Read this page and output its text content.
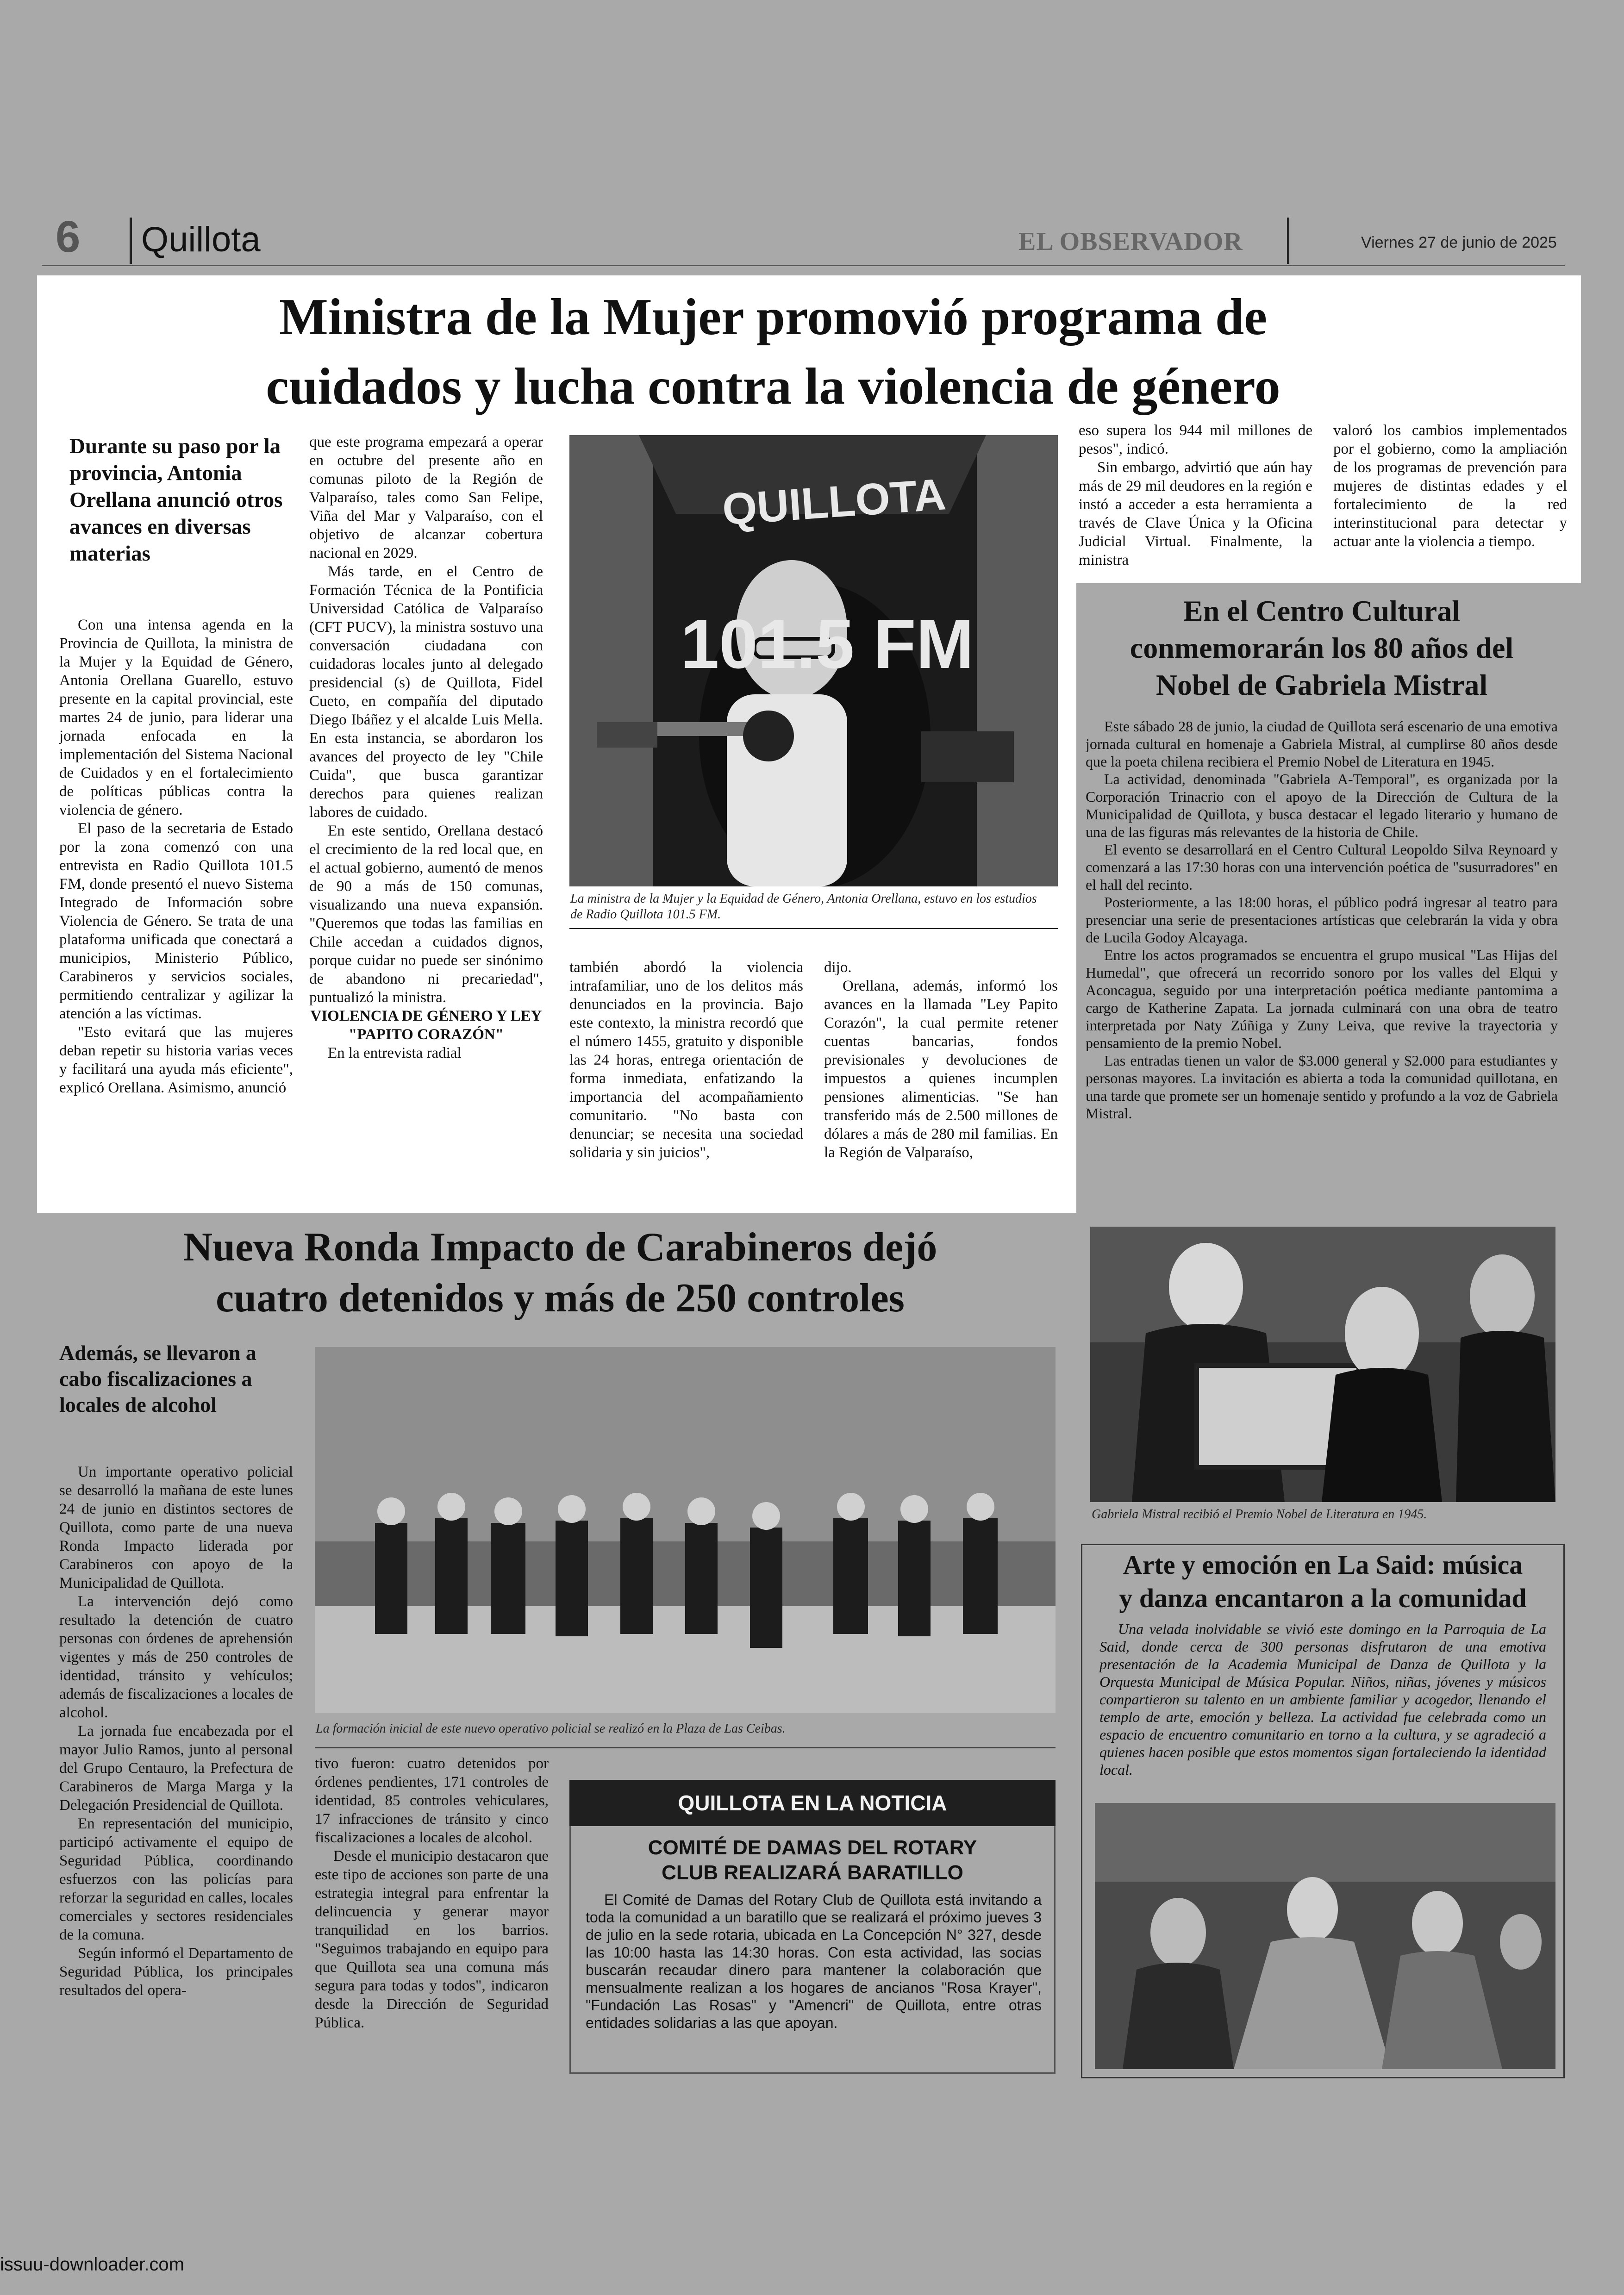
6 Quillota	EL OBSERVADOR	Viernes 27 de junio de 2025
Ministra de la Mujer promovió programa de
cuidados y lucha contra la violencia de género
Durante su paso por la provincia, Antonia Orellana anunció otros avances en diversas materias

Con una intensa agenda en la Provincia de Quillota, la ministra de la Mujer y la Equidad de Género, Antonia Orellana Guarello, estuvo presente en la capital provincial, este martes 24 de junio, para liderar una jornada enfocada en la implementación del Sistema Nacional de Cuidados y en el fortalecimiento de políticas públicas contra la violencia de género.

El paso de la secretaria de Estado por la zona comenzó con una entrevista en Radio Quillota 101.5 FM, donde presentó el nuevo Sistema Integrado de Información sobre Violencia de Género. Se trata de una plataforma unificada que conectará a municipios, Ministerio Público, Carabineros y servicios sociales, permitiendo centralizar y agilizar la atención a las víctimas.

"Esto evitará que las mujeres deban repetir su historia varias veces y facilitará una ayuda más eficiente", explicó Orellana. Asimismo, anunció

que este programa empezará a operar en octubre del presente año en comunas piloto de la Región de Valparaíso, tales como San Felipe, Viña del Mar y Valparaíso, con el objetivo de alcanzar cobertura nacional en 2029.

Más tarde, en el Centro de Formación Técnica de la Pontificia Universidad Católica de Valparaíso (CFT PUCV), la ministra sostuvo una conversación ciudadana con cuidadoras locales junto al delegado presidencial (s) de Quillota, Fidel Cueto, en compañía del diputado Diego Ibáñez y el alcalde Luis Mella. En esta instancia, se abordaron los avances del proyecto de ley "Chile Cuida", que busca garantizar derechos para quienes realizan labores de cuidado.

En este sentido, Orellana destacó el crecimiento de la red local que, en el actual gobierno, aumentó de menos de 90 a más de 150 comunas, visualizando una nueva expansión. "Queremos que todas las familias en Chile accedan a cuidados dignos, porque cuidar no puede ser sinónimo de abandono ni precariedad", puntualizó la ministra.

VIOLENCIA DE GÉNERO Y LEY "PAPITO CORAZÓN"

En la entrevista radial

QUILLOTA
101.5 FM
La ministra de la Mujer y la Equidad de Género, Antonia Orellana, estuvo en los estudios de Radio Quillota 101.5 FM.

también abordó la violencia intrafamiliar, uno de los delitos más denunciados en la provincia. Bajo este contexto, la ministra recordó que el número 1455, gratuito y disponible las 24 horas, entrega orientación de forma inmediata, enfatizando la importancia del acompañamiento comunitario. "No basta con denunciar; se necesita una sociedad solidaria y sin juicios",

dijo.

Orellana, además, informó los avances en la llamada "Ley Papito Corazón", la cual permite retener cuentas bancarias, fondos previsionales y devoluciones de impuestos a quienes incumplen pensiones alimenticias. "Se han transferido más de 2.500 millones de dólares a más de 280 mil familias. En la Región de Valparaíso,

eso supera los 944 mil millones de pesos", indicó.

Sin embargo, advirtió que aún hay más de 29 mil deudores en la región e instó a acceder a esta herramienta a través de Clave Única y la Oficina Judicial Virtual. Finalmente, la ministra

valoró los cambios implementados por el gobierno, como la ampliación de los programas de prevención para mujeres de distintas edades y el fortalecimiento de la red interinstitucional para detectar y actuar ante la violencia a tiempo.

En el Centro Cultural
conmemorarán los 80 años del
Nobel de Gabriela Mistral

Este sábado 28 de junio, la ciudad de Quillota será escenario de una emotiva jornada cultural en homenaje a Gabriela Mistral, al cumplirse 80 años desde que la poeta chilena recibiera el Premio Nobel de Literatura en 1945.

La actividad, denominada "Gabriela A-Temporal", es organizada por la Corporación Trinacrio con el apoyo de la Dirección de Cultura de la Municipalidad de Quillota, y busca destacar el legado literario y humano de una de las figuras más relevantes de la historia de Chile.

El evento se desarrollará en el Centro Cultural Leopoldo Silva Reynoard y comenzará a las 17:30 horas con una intervención poética de "susurradores" en el hall del recinto.

Posteriormente, a las 18:00 horas, el público podrá ingresar al teatro para presenciar una serie de presentaciones artísticas que celebrarán la vida y obra de Lucila Godoy Alcayaga.

Entre los actos programados se encuentra el grupo musical "Las Hijas del Humedal", que ofrecerá un recorrido sonoro por los valles del Elqui y Aconcagua, seguido por una interpretación poética mediante pantomima a cargo de Katherine Zapata. La jornada culminará con una obra de teatro interpretada por Naty Zúñiga y Zuny Leiva, que revive la trayectoria y pensamiento de la premio Nobel.

Las entradas tienen un valor de $3.000 general y $2.000 para estudiantes y personas mayores. La invitación es abierta a toda la comunidad quillotana, en una tarde que promete ser un homenaje sentido y profundo a la voz de Gabriela Mistral.

Gabriela Mistral recibió el Premio Nobel de Literatura en 1945.
Arte y emoción en La Said: música
y danza encantaron a la comunidad

Una velada inolvidable se vivió este domingo en la Parroquia de La Said, donde cerca de 300 personas disfrutaron de una emotiva presentación de la Academia Municipal de Danza de Quillota y la Orquesta Municipal de Música Popular. Niños, niñas, jóvenes y músicos compartieron su talento en un ambiente familiar y acogedor, llenando el templo de arte, emoción y belleza. La actividad fue celebrada como un espacio de encuentro comunitario en torno a la cultura, y se agradeció a quienes hacen posible que estos momentos sigan fortaleciendo la identidad local.

Nueva Ronda Impacto de Carabineros dejó
cuatro detenidos y más de 250 controles
Además, se llevaron a cabo fiscalizaciones a locales de alcohol

Un importante operativo policial se desarrolló la mañana de este lunes 24 de junio en distintos sectores de Quillota, como parte de una nueva Ronda Impacto liderada por Carabineros con apoyo de la Municipalidad de Quillota.

La intervención dejó como resultado la detención de cuatro personas con órdenes de aprehensión vigentes y más de 250 controles de identidad, tránsito y vehículos; además de fiscalizaciones a locales de alcohol.

La jornada fue encabezada por el mayor Julio Ramos, junto al personal del Grupo Centauro, la Prefectura de Carabineros de Marga Marga y la Delegación Presidencial de Quillota.

En representación del municipio, participó activamente el equipo de Seguridad Pública, coordinando esfuerzos con las policías para reforzar la seguridad en calles, locales comerciales y sectores residenciales de la comuna.

Según informó el Departamento de Seguridad Pública, los principales resultados del opera-

La formación inicial de este nuevo operativo policial se realizó en la Plaza de Las Ceibas.

tivo fueron: cuatro detenidos por órdenes pendientes, 171 controles de identidad, 85 controles vehiculares, 17 infracciones de tránsito y cinco fiscalizaciones a locales de alcohol.

Desde el municipio destacaron que este tipo de acciones son parte de una estrategia integral para enfrentar la delincuencia y generar mayor tranquilidad en los barrios. "Seguimos trabajando en equipo para que Quillota sea una comuna más segura para todas y todos", indicaron desde la Dirección de Seguridad Pública.

QUILLOTA EN LA NOTICIA
COMITÉ DE DAMAS DEL ROTARY
CLUB REALIZARÁ BARATILLO
El Comité de Damas del Rotary Club de Quillota está invitando a toda la comunidad a un baratillo que se realizará el próximo jueves 3 de julio en la sede rotaria, ubicada en La Concepción N° 327, desde las 10:00 hasta las 14:30 horas. Con esta actividad, las socias buscarán recaudar dinero para mantener la colaboración que mensualmente realizan a los hogares de ancianos "Rosa Krayer", "Fundación Las Rosas" y "Amencri" de Quillota, entre otras entidades solidarias a las que apoyan.
issuu-downloader.com
